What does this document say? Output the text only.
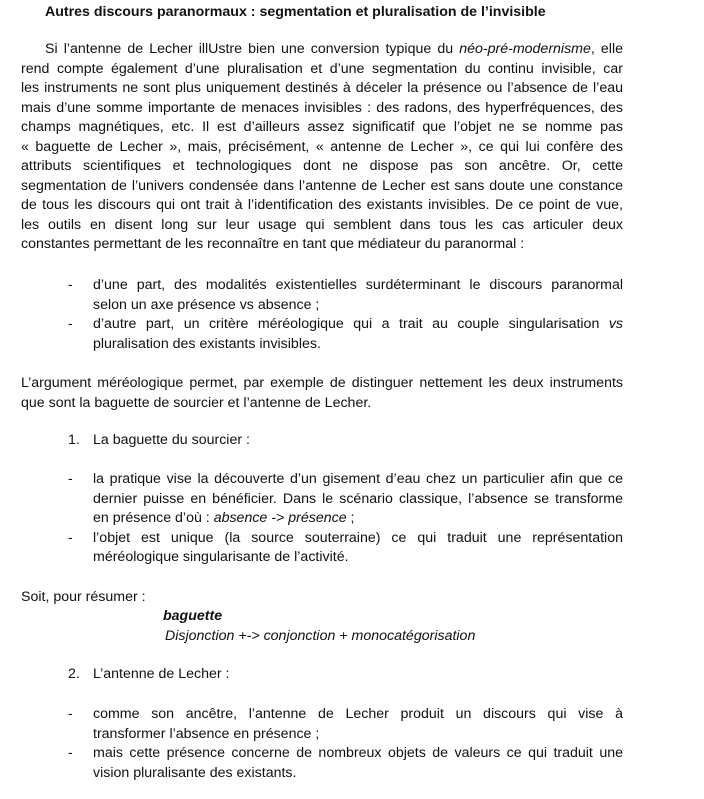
Autres discours paranormaux : segmentation et pluralisation de l’invisible
Si l’antenne de Lecher illUstre bien une conversion typique du néo-pré-modernisme, elle
rend compte également d’une pluralisation et d’une segmentation du continu invisible, car
les instruments ne sont plus uniquement destinés à déceler la présence ou l’absence de l’eau
mais d’une somme importante de menaces invisibles : des radons, des hyperfréquences, des
champs magnétiques, etc. Il est d’ailleurs assez significatif que l’objet ne se nomme pas
« baguette de Lecher », mais, précisément, « antenne de Lecher », ce qui lui confère des
attributs scientifiques et technologiques dont ne dispose pas son ancêtre. Or, cette
segmentation de l’univers condensée dans l’antenne de Lecher est sans doute une constance
de tous les discours qui ont trait à l’identification des existants invisibles. De ce point de vue,
les outils en disent long sur leur usage qui semblent dans tous les cas articuler deux
constantes permettant de les reconnaître en tant que médiateur du paranormal :
- d’une part, des modalités existentielles surdéterminant le discours paranormal
selon un axe présence vs absence ;
- d’autre part, un critère méréologique qui a trait au couple singularisation vs
pluralisation des existants invisibles.
L’argument méréologique permet, par exemple de distinguer nettement les deux instruments
que sont la baguette de sourcier et l’antenne de Lecher.
1. La baguette du sourcier :
- la pratique vise la découverte d’un gisement d’eau chez un particulier afin que ce
dernier puisse en bénéficier. Dans le scénario classique, l’absence se transforme
en présence d’où : absence -> présence ;
- l’objet est unique (la source souterraine) ce qui traduit une représentation
méréologique singularisante de l’activité.
Soit, pour résumer :
baguette
Disjonction +-> conjonction + monocatégorisation
2. L’antenne de Lecher :
- comme son ancêtre, l’antenne de Lecher produit un discours qui vise à
transformer l’absence en présence ;
- mais cette présence concerne de nombreux objets de valeurs ce qui traduit une
vision pluralisante des existants.
